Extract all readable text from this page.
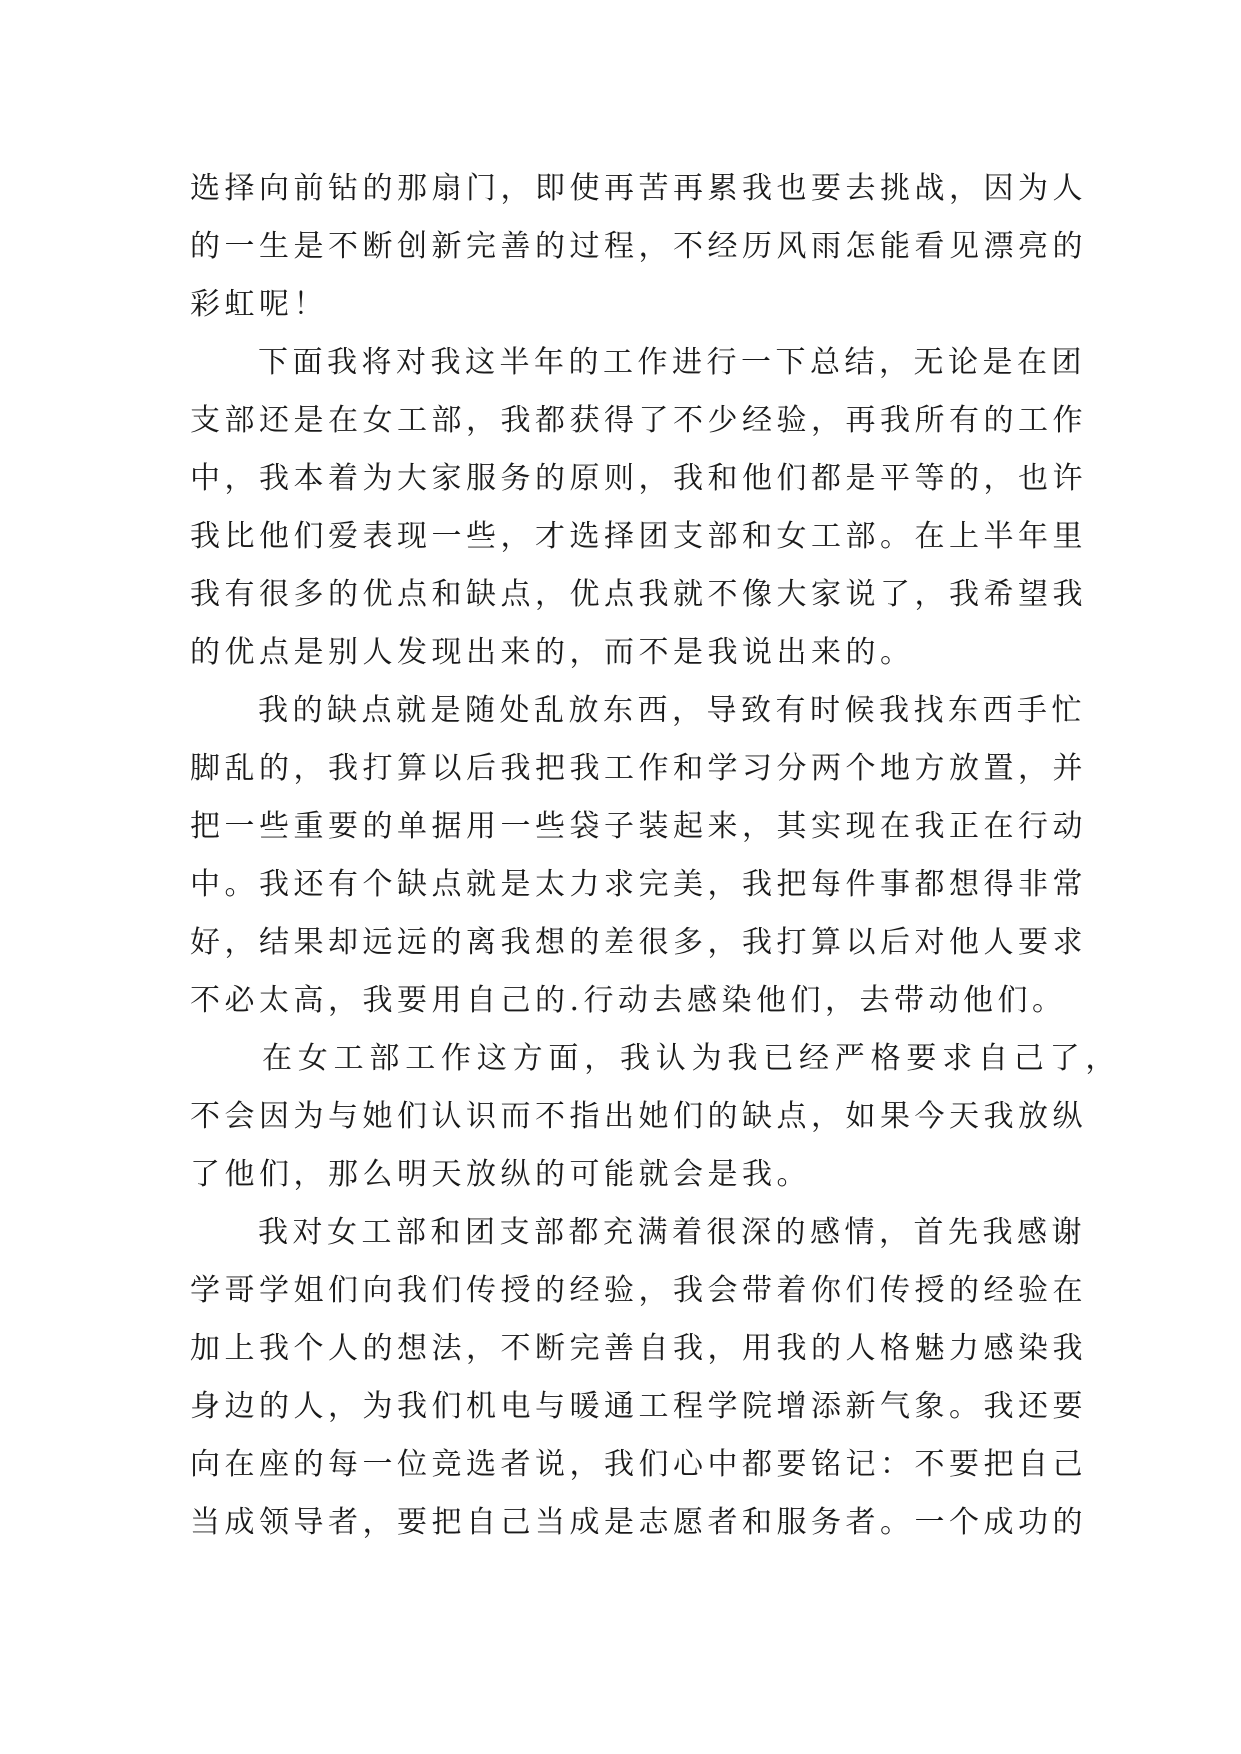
选择向前钻的那扇门，即使再苦再累我也要去挑战，因为人
的一生是不断创新完善的过程，不经历风雨怎能看见漂亮的
彩虹呢！
下面我将对我这半年的工作进行一下总结，无论是在团
支部还是在女工部，我都获得了不少经验，再我所有的工作
中，我本着为大家服务的原则，我和他们都是平等的，也许
我比他们爱表现一些，才选择团支部和女工部。在上半年里
我有很多的优点和缺点，优点我就不像大家说了，我希望我
的优点是别人发现出来的，而不是我说出来的。
我的缺点就是随处乱放东西，导致有时候我找东西手忙
脚乱的，我打算以后我把我工作和学习分两个地方放置，并
把一些重要的单据用一些袋子装起来，其实现在我正在行动
中。我还有个缺点就是太力求完美，我把每件事都想得非常
好，结果却远远的离我想的差很多，我打算以后对他人要求
不必太高，我要用自己的.行动去感染他们，去带动他们。
在女工部工作这方面，我认为我已经严格要求自己了，
不会因为与她们认识而不指出她们的缺点，如果今天我放纵
了他们，那么明天放纵的可能就会是我。
我对女工部和团支部都充满着很深的感情，首先我感谢
学哥学姐们向我们传授的经验，我会带着你们传授的经验在
加上我个人的想法，不断完善自我，用我的人格魅力感染我
身边的人，为我们机电与暖通工程学院增添新气象。我还要
向在座的每一位竞选者说，我们心中都要铭记：不要把自己
当成领导者，要把自己当成是志愿者和服务者。一个成功的
